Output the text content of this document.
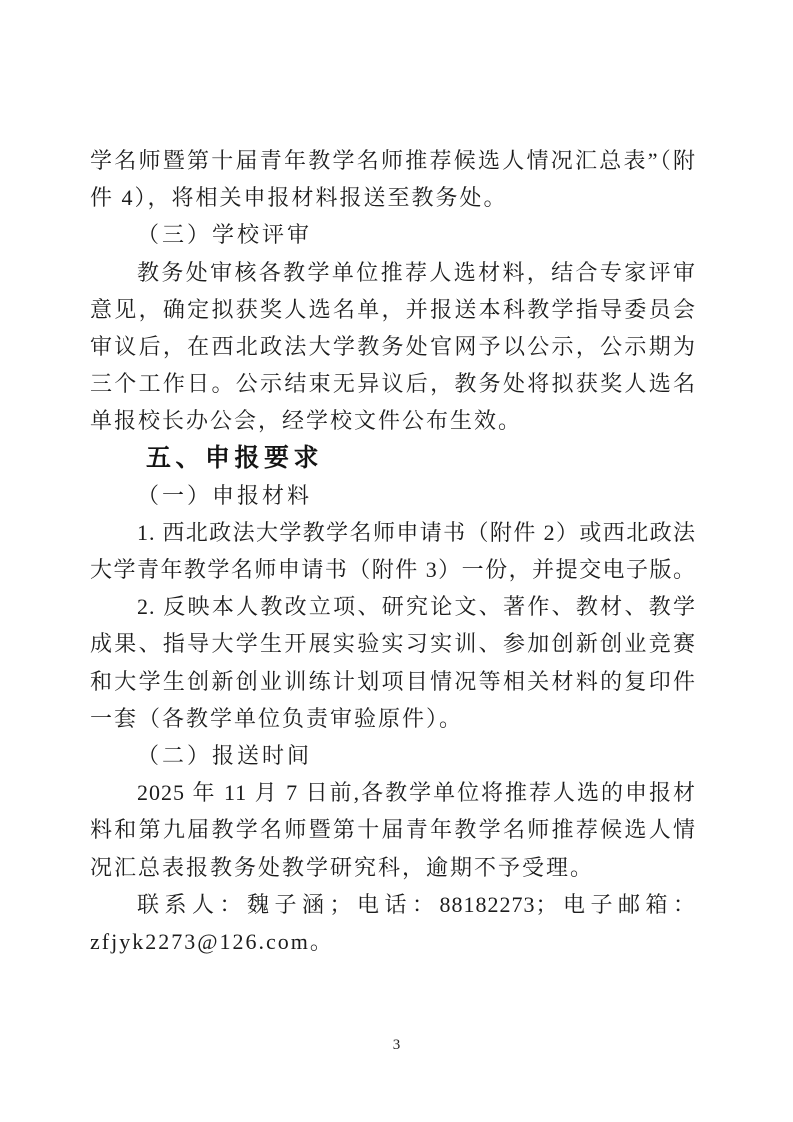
学名师暨第十届青年教学名师推荐候选人情况汇总表”（附
件 4），将相关申报材料报送至教务处。
（三）学校评审
教务处审核各教学单位推荐人选材料，结合专家评审
意见，确定拟获奖人选名单，并报送本科教学指导委员会
审议后，在西北政法大学教务处官网予以公示，公示期为
三个工作日。公示结束无异议后，教务处将拟获奖人选名
单报校长办公会，经学校文件公布生效。
五、申报要求
（一）申报材料
1. 西北政法大学教学名师申请书（附件 2）或西北政法
大学青年教学名师申请书（附件 3）一份，并提交电子版。
2. 反映本人教改立项、研究论文、著作、教材、教学
成果、指导大学生开展实验实习实训、参加创新创业竞赛
和大学生创新创业训练计划项目情况等相关材料的复印件
一套（各教学单位负责审验原件）。
（二）报送时间
2025 年 11 月 7 日前,各教学单位将推荐人选的申报材
料和第九届教学名师暨第十届青年教学名师推荐候选人情
况汇总表报教务处教学研究科，逾期不予受理。
联系人：魏子涵；电话：88182273；电子邮箱：
zfjyk2273@126.com。
3
